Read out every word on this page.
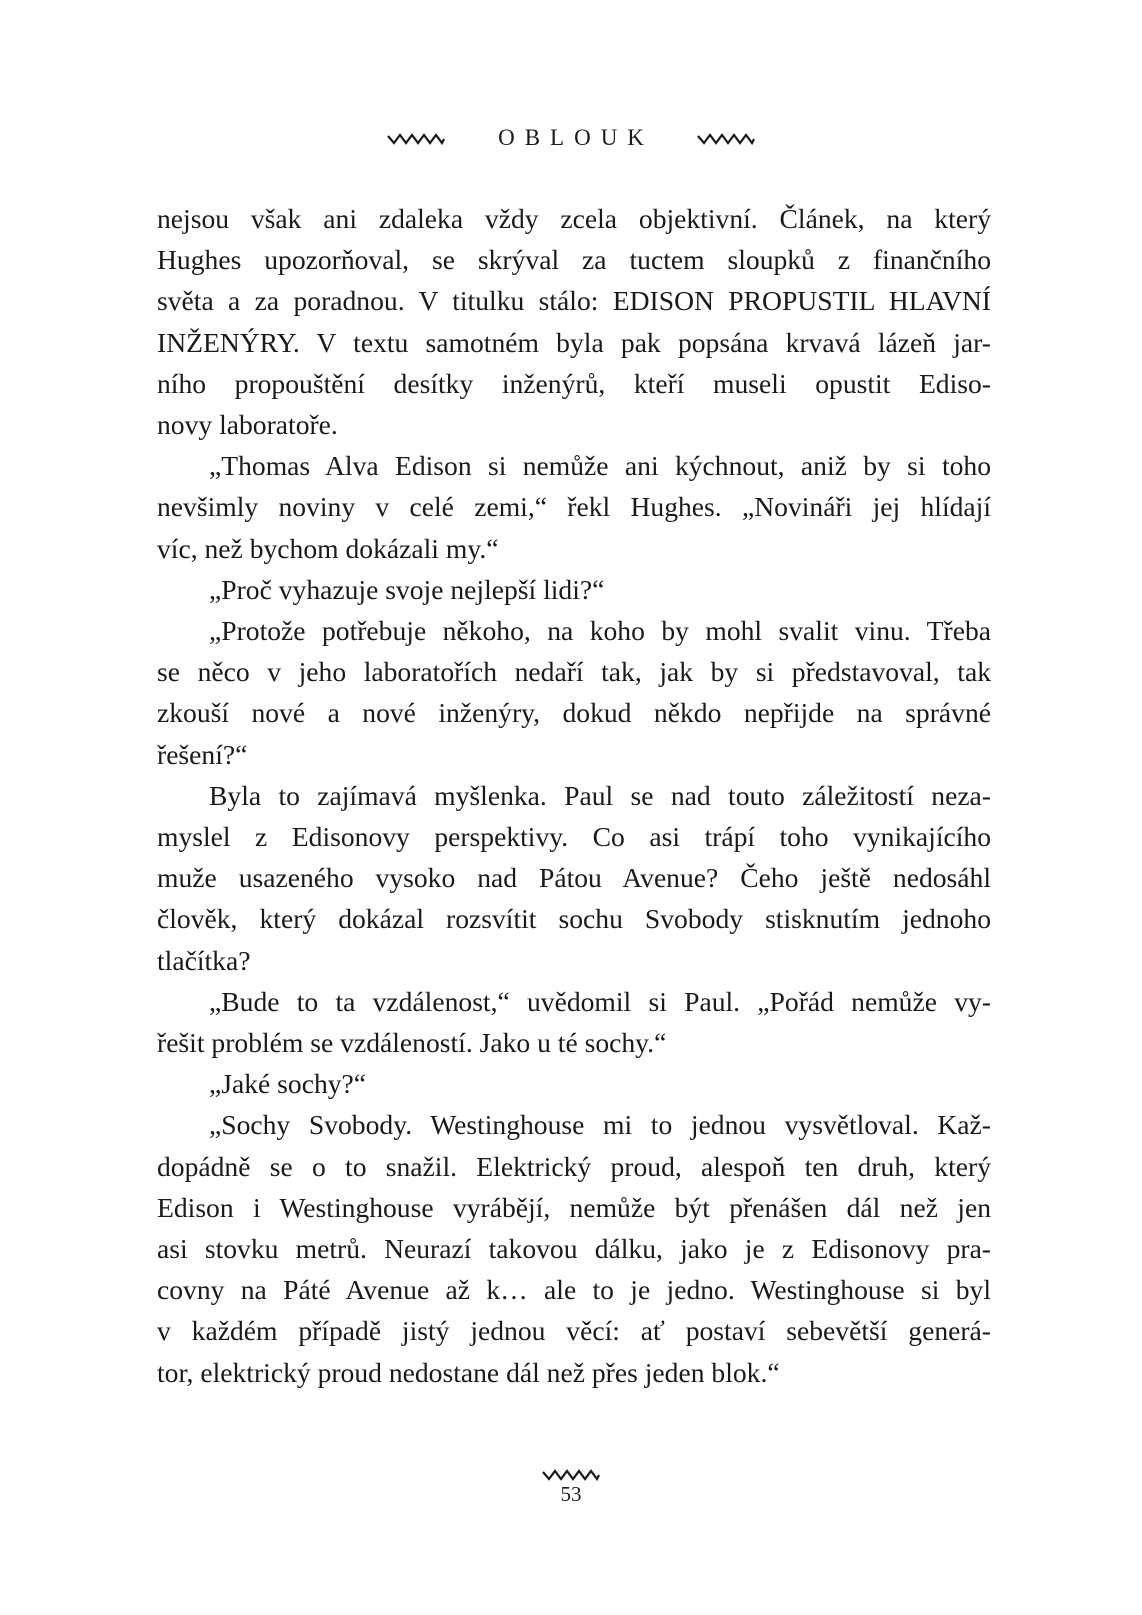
OBLOUK

nejsou však ani zdaleka vždy zcela objektivní. Článek, na který

Hughes upozorňoval, se skrýval za tuctem sloupků z finančního

světa a za poradnou. V titulku stálo: EDISON PROPUSTIL HLAVNÍ

INŽENÝRY. V textu samotném byla pak popsána krvavá lázeň jar-

ního propouštění desítky inženýrů, kteří museli opustit Ediso-

novy laboratoře.

„Thomas Alva Edison si nemůže ani kýchnout, aniž by si toho

nevšimly noviny v celé zemi,“ řekl Hughes. „Novináři jej hlídají

víc, než bychom dokázali my.“

„Proč vyhazuje svoje nejlepší lidi?“

„Protože potřebuje někoho, na koho by mohl svalit vinu. Třeba

se něco v jeho laboratořích nedaří tak, jak by si představoval, tak

zkouší nové a nové inženýry, dokud někdo nepřijde na správné

řešení?“

Byla to zajímavá myšlenka. Paul se nad touto záležitostí neza-

myslel z Edisonovy perspektivy. Co asi trápí toho vynikajícího

muže usazeného vysoko nad Pátou Avenue? Čeho ještě nedosáhl

člověk, který dokázal rozsvítit sochu Svobody stisknutím jednoho

tlačítka?

„Bude to ta vzdálenost,“ uvědomil si Paul. „Pořád nemůže vy-

řešit problém se vzdáleností. Jako u té sochy.“

„Jaké sochy?“

„Sochy Svobody. Westinghouse mi to jednou vysvětloval. Kaž-

dopádně se o to snažil. Elektrický proud, alespoň ten druh, který

Edison i Westinghouse vyrábějí, nemůže být přenášen dál než jen

asi stovku metrů. Neurazí takovou dálku, jako je z Edisonovy pra-

covny na Páté Avenue až k… ale to je jedno. Westinghouse si byl

v každém případě jistý jednou věcí: ať postaví sebevětší generá-

tor, elektrický proud nedostane dál než přes jeden blok.“

53
